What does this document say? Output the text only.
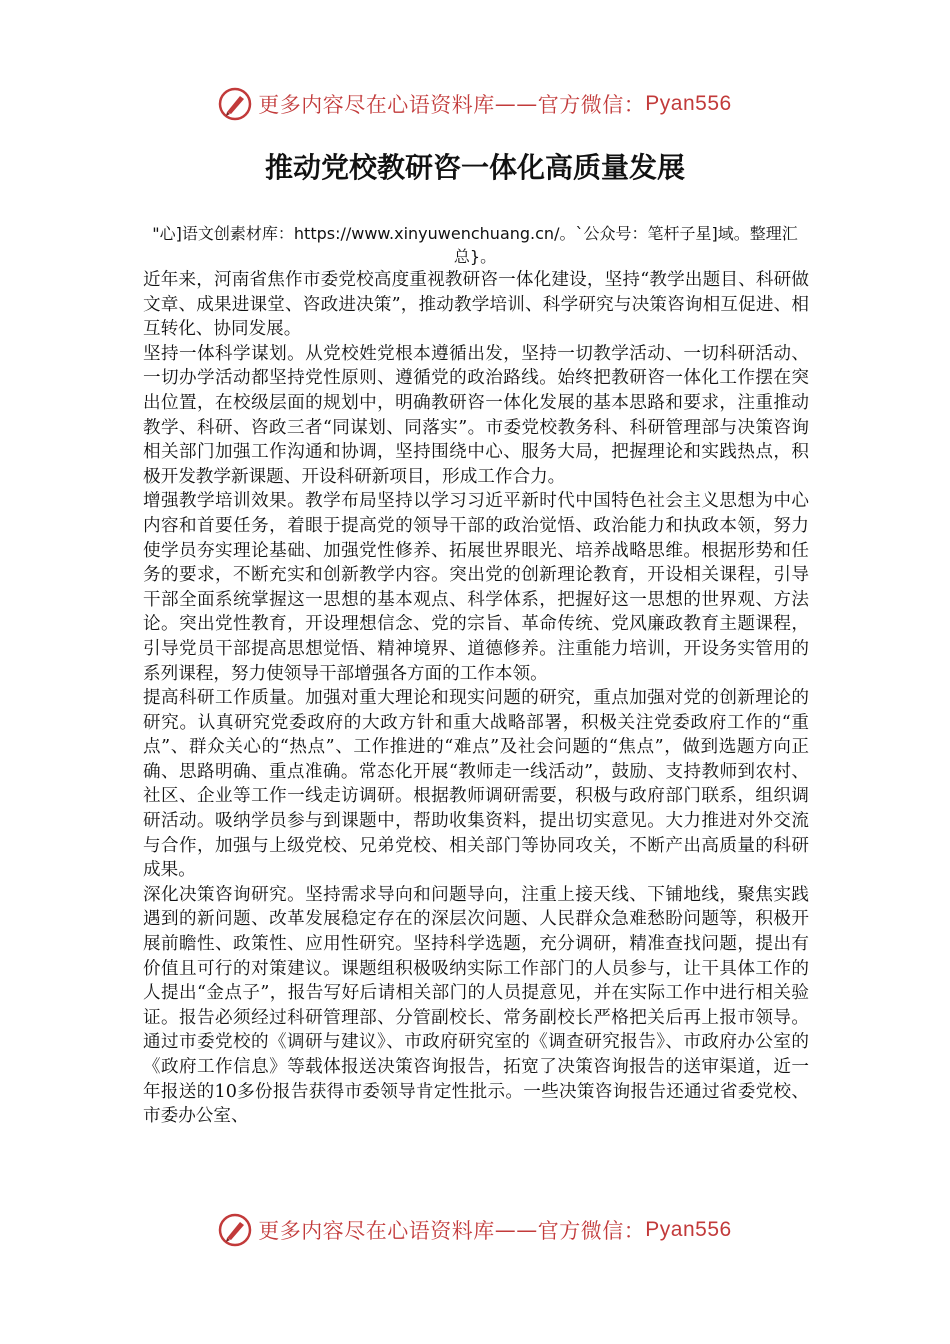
更多内容尽在心语资料库 —— 官方微信： Pyan556
推动党校教研咨一体化高质量发展
"心]语文创素材库：https://www.xinyuwenchuang.cn/。`公众号：笔杆子星]域。整理汇总}。

近年来，河南省焦作市委党校高度重视教研咨一体化建设，坚持“教学出题目、科研做文章、成果进课堂、咨政进决策”，推动教学培训、科学研究与决策咨询相互促进、相互转化、协同发展。

坚持一体科学谋划。从党校姓党根本遵循出发，坚持一切教学活动、一切科研活动、一切办学活动都坚持党性原则、遵循党的政治路线。始终把教研咨一体化工作摆在突出位置，在校级层面的规划中，明确教研咨一体化发展的基本思路和要求，注重推动教学、科研、咨政三者“同谋划、同落实”。市委党校教务科、科研管理部与决策咨询相关部门加强工作沟通和协调，坚持围绕中心、服务大局，把握理论和实践热点，积极开发教学新课题、开设科研新项目，形成工作合力。

增强教学培训效果。教学布局坚持以学习习近平新时代中国特色社会主义思想为中心内容和首要任务，着眼于提高党的领导干部的政治觉悟、政治能力和执政本领，努力使学员夯实理论基础、加强党性修养、拓展世界眼光、培养战略思维。根据形势和任务的要求，不断充实和创新教学内容。突出党的创新理论教育，开设相关课程，引导干部全面系统掌握这一思想的基本观点、科学体系，把握好这一思想的世界观、方法论。突出党性教育，开设理想信念、党的宗旨、革命传统、党风廉政教育主题课程，引导党员干部提高思想觉悟、精神境界、道德修养。注重能力培训，开设务实管用的系列课程，努力使领导干部增强各方面的工作本领。

提高科研工作质量。加强对重大理论和现实问题的研究，重点加强对党的创新理论的研究。认真研究党委政府的大政方针和重大战略部署，积极关注党委政府工作的“重点”、群众关心的“热点”、工作推进的“难点”及社会问题的“焦点”，做到选题方向正确、思路明确、重点准确。常态化开展“教师走一线活动”，鼓励、支持教师到农村、社区、企业等工作一线走访调研。根据教师调研需要，积极与政府部门联系，组织调研活动。吸纳学员参与到课题中，帮助收集资料，提出切实意见。大力推进对外交流与合作，加强与上级党校、兄弟党校、相关部门等协同攻关，不断产出高质量的科研成果。

深化决策咨询研究。坚持需求导向和问题导向，注重上接天线、下铺地线，聚焦实践遇到的新问题、改革发展稳定存在的深层次问题、人民群众急难愁盼问题等，积极开展前瞻性、政策性、应用性研究。坚持科学选题，充分调研，精准查找问题，提出有价值且可行的对策建议。课题组积极吸纳实际工作部门的人员参与，让干具体工作的人提出“金点子”，报告写好后请相关部门的人员提意见，并在实际工作中进行相关验证。报告必须经过科研管理部、分管副校长、常务副校长严格把关后再上报市领导。通过市委党校的《调研与建议》、市政府研究室的《调查研究报告》、市政府办公室的《政府工作信息》等载体报送决策咨询报告，拓宽了决策咨询报告的送审渠道，近一年报送的10多份报告获得市委领导肯定性批示。一些决策咨询报告还通过省委党校、市委办公室、

更多内容尽在心语资料库 —— 官方微信： Pyan556
